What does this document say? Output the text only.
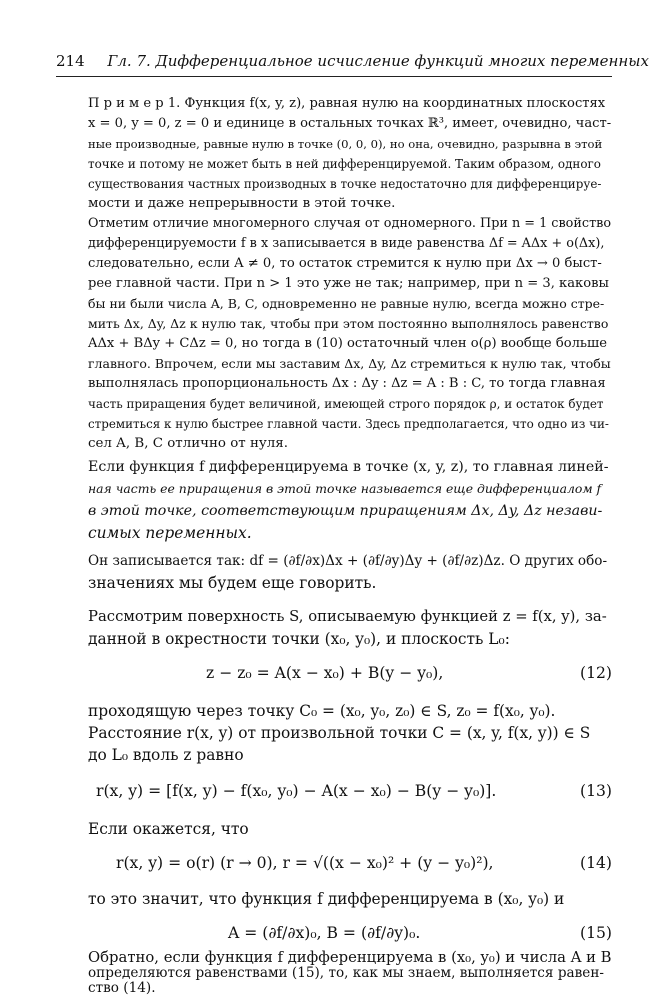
214 Гл. 7. Дифференциальное исчисление функций многих переменных
П р и м е р 1. Функция f(x, y, z), равная нулю на координатных плоскостях
x = 0, y = 0, z = 0 и единице в остальных точках ℝ³, имеет, очевидно, част-
ные производные, равные нулю в точке (0, 0, 0), но она, очевидно, разрывна в этой
точке и потому не может быть в ней дифференцируемой. Таким образом, одного
существования частных производных в точке недостаточно для дифференцируе-
мости и даже непрерывности в этой точке.
Отметим отличие многомерного случая от одномерного. При n = 1 свойство
дифференцируемости f в x записывается в виде равенства Δf = AΔx + o(Δx),
следовательно, если A ≠ 0, то остаток стремится к нулю при Δx → 0 быст-
рее главной части. При n > 1 это уже не так; например, при n = 3, каковы
бы ни были числа A, B, C, одновременно не равные нулю, всегда можно стре-
мить Δx, Δy, Δz к нулю так, чтобы при этом постоянно выполнялось равенство
AΔx + BΔy + CΔz = 0, но тогда в (10) остаточный член o(ρ) вообще больше
главного. Впрочем, если мы заставим Δx, Δy, Δz стремиться к нулю так, чтобы
выполнялась пропорциональность Δx : Δy : Δz = A : B : C, то тогда главная
часть приращения будет величиной, имеющей строго порядок ρ, и остаток будет
стремиться к нулю быстрее главной части. Здесь предполагается, что одно из чи-
сел A, B, C отлично от нуля.
Если функция f дифференцируема в точке (x, y, z), то главная линей-
ная часть ее приращения в этой точке называется еще дифференциалом f
в этой точке, соответствующим приращениям Δx, Δy, Δz незави-
симых переменных.
Он записывается так: df = (∂f/∂x)Δx + (∂f/∂y)Δy + (∂f/∂z)Δz. О других обо-
значениях мы будем еще говорить.
Рассмотрим поверхность S, описываемую функцией z = f(x, y), за-
данной в окрестности точки (x₀, y₀), и плоскость L₀:
z − z₀ = A(x − x₀) + B(y − y₀),	(12)
проходящую через точку C₀ = (x₀, y₀, z₀) ∈ S, z₀ = f(x₀, y₀).
Расстояние r(x, y) от произвольной точки C = (x, y, f(x, y)) ∈ S
до L₀ вдоль z равно
r(x, y) = [f(x, y) − f(x₀, y₀) − A(x − x₀) − B(y − y₀)].	(13)
Если окажется, что
r(x, y) = o(r) (r → 0), r = √((x − x₀)² + (y − y₀)²),	(14)
то это значит, что функция f дифференцируема в (x₀, y₀) и
A = (∂f/∂x)₀, B = (∂f/∂y)₀.	(15)
Обратно, если функция f дифференцируема в (x₀, y₀) и числа A и B
определяются равенствами (15), то, как мы знаем, выполняется равен-
ство (14).
